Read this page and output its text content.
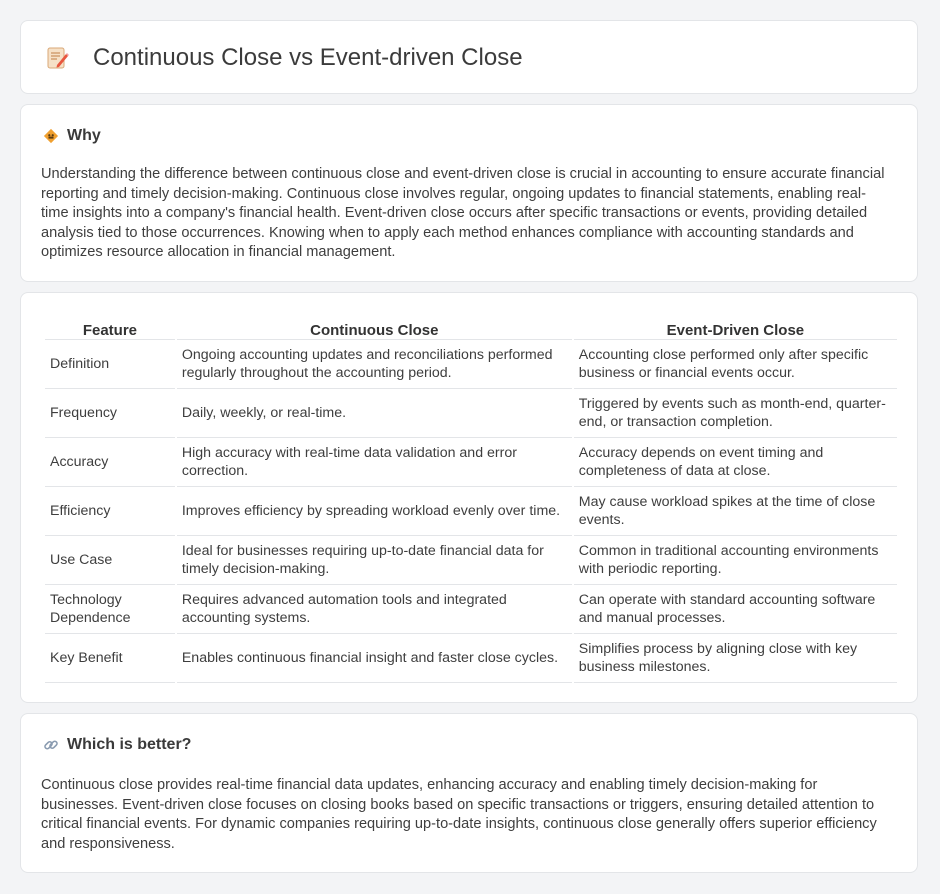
Continuous Close vs Event-driven Close
Why

Understanding the difference between continuous close and event-driven close is crucial in accounting to ensure accurate financial reporting and timely decision-making. Continuous close involves regular, ongoing updates to financial statements, enabling real-time insights into a company's financial health. Event-driven close occurs after specific transactions or events, providing detailed analysis tied to those occurrences. Knowing when to apply each method enhances compliance with accounting standards and optimizes resource allocation in financial management.

Feature	Continuous Close	Event-Driven Close
Definition	Ongoing accounting updates and reconciliations performed regularly throughout the accounting period.	Accounting close performed only after specific business or financial events occur.
Frequency	Daily, weekly, or real-time.	Triggered by events such as month-end, quarter-end, or transaction completion.
Accuracy	High accuracy with real-time data validation and error correction.	Accuracy depends on event timing and completeness of data at close.
Efficiency	Improves efficiency by spreading workload evenly over time.	May cause workload spikes at the time of close events.
Use Case	Ideal for businesses requiring up-to-date financial data for timely decision-making.	Common in traditional accounting environments with periodic reporting.
Technology Dependence	Requires advanced automation tools and integrated accounting systems.	Can operate with standard accounting software and manual processes.
Key Benefit	Enables continuous financial insight and faster close cycles.	Simplifies process by aligning close with key business milestones.
Which is better?

Continuous close provides real-time financial data updates, enhancing accuracy and enabling timely decision-making for businesses. Event-driven close focuses on closing books based on specific transactions or triggers, ensuring detailed attention to critical financial events. For dynamic companies requiring up-to-date insights, continuous close generally offers superior efficiency and responsiveness.
